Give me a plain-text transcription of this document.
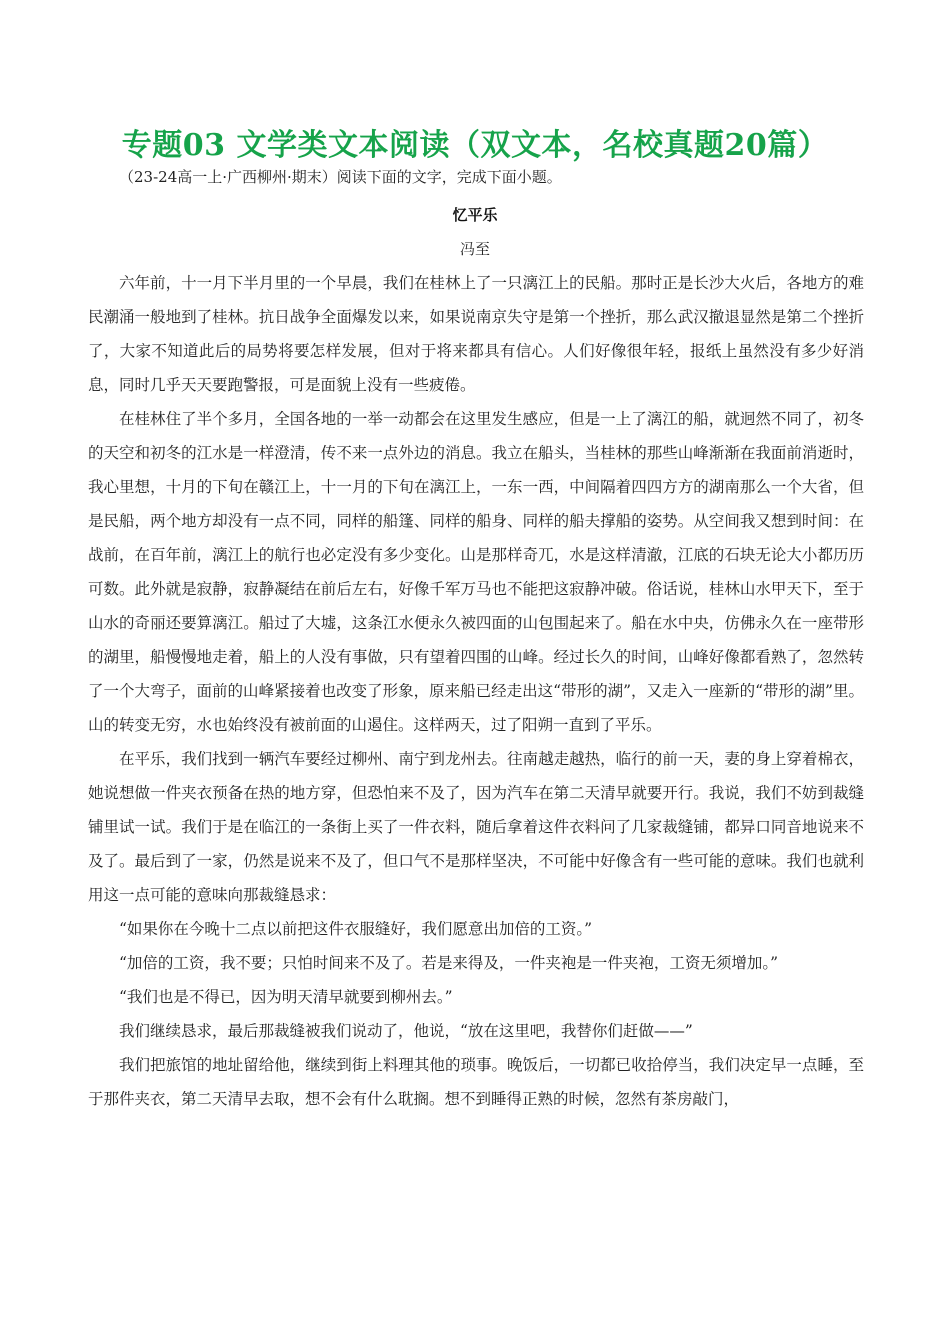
专题03 文学类文本阅读（双文本，名校真题20篇）
（23-24高一上·广西柳州·期末）阅读下面的文字，完成下面小题。
忆平乐
冯至

六年前，十一月下半月里的一个早晨，我们在桂林上了一只漓江上的民船。那时正是长沙大火后，各地方的难民潮涌一般地到了桂林。抗日战争全面爆发以来，如果说南京失守是第一个挫折，那么武汉撤退显然是第二个挫折了，大家不知道此后的局势将要怎样发展，但对于将来都具有信心。人们好像很年轻，报纸上虽然没有多少好消息，同时几乎天天要跑警报，可是面貌上没有一些疲倦。

在桂林住了半个多月，全国各地的一举一动都会在这里发生感应，但是一上了漓江的船，就迥然不同了，初冬的天空和初冬的江水是一样澄清，传不来一点外边的消息。我立在船头，当桂林的那些山峰渐渐在我面前消逝时，我心里想，十月的下旬在赣江上，十一月的下旬在漓江上，一东一西，中间隔着四四方方的湖南那么一个大省，但是民船，两个地方却没有一点不同，同样的船篷、同样的船身、同样的船夫撑船的姿势。从空间我又想到时间：在战前，在百年前，漓江上的航行也必定没有多少变化。山是那样奇兀，水是这样清澈，江底的石块无论大小都历历可数。此外就是寂静，寂静凝结在前后左右，好像千军万马也不能把这寂静冲破。俗话说，桂林山水甲天下，至于山水的奇丽还要算漓江。船过了大墟，这条江水便永久被四面的山包围起来了。船在水中央，仿佛永久在一座带形的湖里，船慢慢地走着，船上的人没有事做，只有望着四围的山峰。经过长久的时间，山峰好像都看熟了，忽然转了一个大弯子，面前的山峰紧接着也改变了形象，原来船已经走出这“带形的湖”，又走入一座新的“带形的湖”里。山的转变无穷，水也始终没有被前面的山遏住。这样两天，过了阳朔一直到了平乐。

在平乐，我们找到一辆汽车要经过柳州、南宁到龙州去。往南越走越热，临行的前一天，妻的身上穿着棉衣，她说想做一件夹衣预备在热的地方穿，但恐怕来不及了，因为汽车在第二天清早就要开行。我说，我们不妨到裁缝铺里试一试。我们于是在临江的一条街上买了一件衣料，随后拿着这件衣料问了几家裁缝铺，都异口同音地说来不及了。最后到了一家，仍然是说来不及了，但口气不是那样坚决，不可能中好像含有一些可能的意味。我们也就利用这一点可能的意味向那裁缝恳求：

“如果你在今晚十二点以前把这件衣服缝好，我们愿意出加倍的工资。”

“加倍的工资，我不要；只怕时间来不及了。若是来得及，一件夹袍是一件夹袍，工资无须增加。”

“我们也是不得已，因为明天清早就要到柳州去。”

我们继续恳求，最后那裁缝被我们说动了，他说，“放在这里吧，我替你们赶做——”

我们把旅馆的地址留给他，继续到街上料理其他的琐事。晚饭后，一切都已收拾停当，我们决定早一点睡，至于那件夹衣，第二天清早去取，想不会有什么耽搁。想不到睡得正熟的时候，忽然有茶房敲门，
